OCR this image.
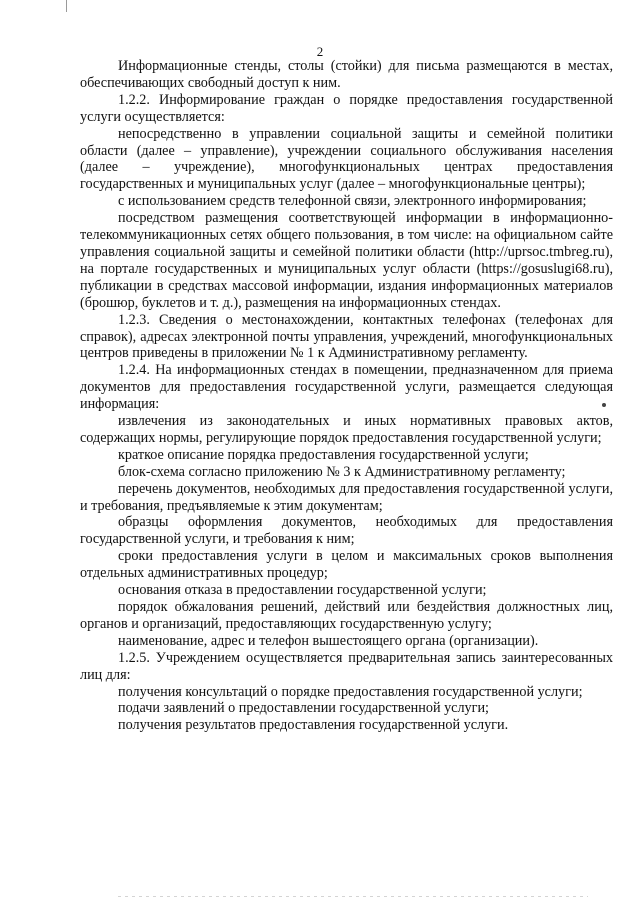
2

Информационные стенды, столы (стойки) для письма размещаются в местах, обеспечивающих свободный доступ к ним.

1.2.2. Информирование граждан о порядке предоставления государственной услуги осуществляется:

непосредственно в управлении социальной защиты и семейной политики области (далее – управление), учреждении социального обслуживания населения (далее – учреждение), многофункциональных центрах предоставления государственных и муниципальных услуг (далее – многофункциональные центры);

с использованием средств телефонной связи, электронного информирования;

посредством размещения соответствующей информации в информационно-телекоммуникационных сетях общего пользования, в том числе: на официальном сайте управления социальной защиты и семейной политики области (http://uprsoc.tmbreg.ru), на портале государственных и муниципальных услуг области (https://gosuslugi68.ru), публикации в средствах массовой информации, издания информационных материалов (брошюр, буклетов и т. д.), размещения на информационных стендах.

1.2.3. Сведения о местонахождении, контактных телефонах (телефонах для справок), адресах электронной почты управления, учреждений, многофункциональных центров приведены в приложении № 1 к Административному регламенту.

1.2.4. На информационных стендах в помещении, предназначенном для приема документов для предоставления государственной услуги, размещается следующая информация:

извлечения из законодательных и иных нормативных правовых актов, содержащих нормы, регулирующие порядок предоставления государственной услуги;

краткое описание порядка предоставления государственной услуги;

блок-схема согласно приложению № 3 к Административному регламенту;

перечень документов, необходимых для предоставления государственной услуги, и требования, предъявляемые к этим документам;

образцы оформления документов, необходимых для предоставления государственной услуги, и требования к ним;

сроки предоставления услуги в целом и максимальных сроков выполнения отдельных административных процедур;

основания отказа в предоставлении государственной услуги;

порядок обжалования решений, действий или бездействия должностных лиц, органов и организаций, предоставляющих государственную услугу;

наименование, адрес и телефон вышестоящего органа (организации).

1.2.5. Учреждением осуществляется предварительная запись заинтересованных лиц для:

получения консультаций о порядке предоставления государственной услуги;

подачи заявлений о предоставлении государственной услуги;

получения результатов предоставления государственной услуги.
